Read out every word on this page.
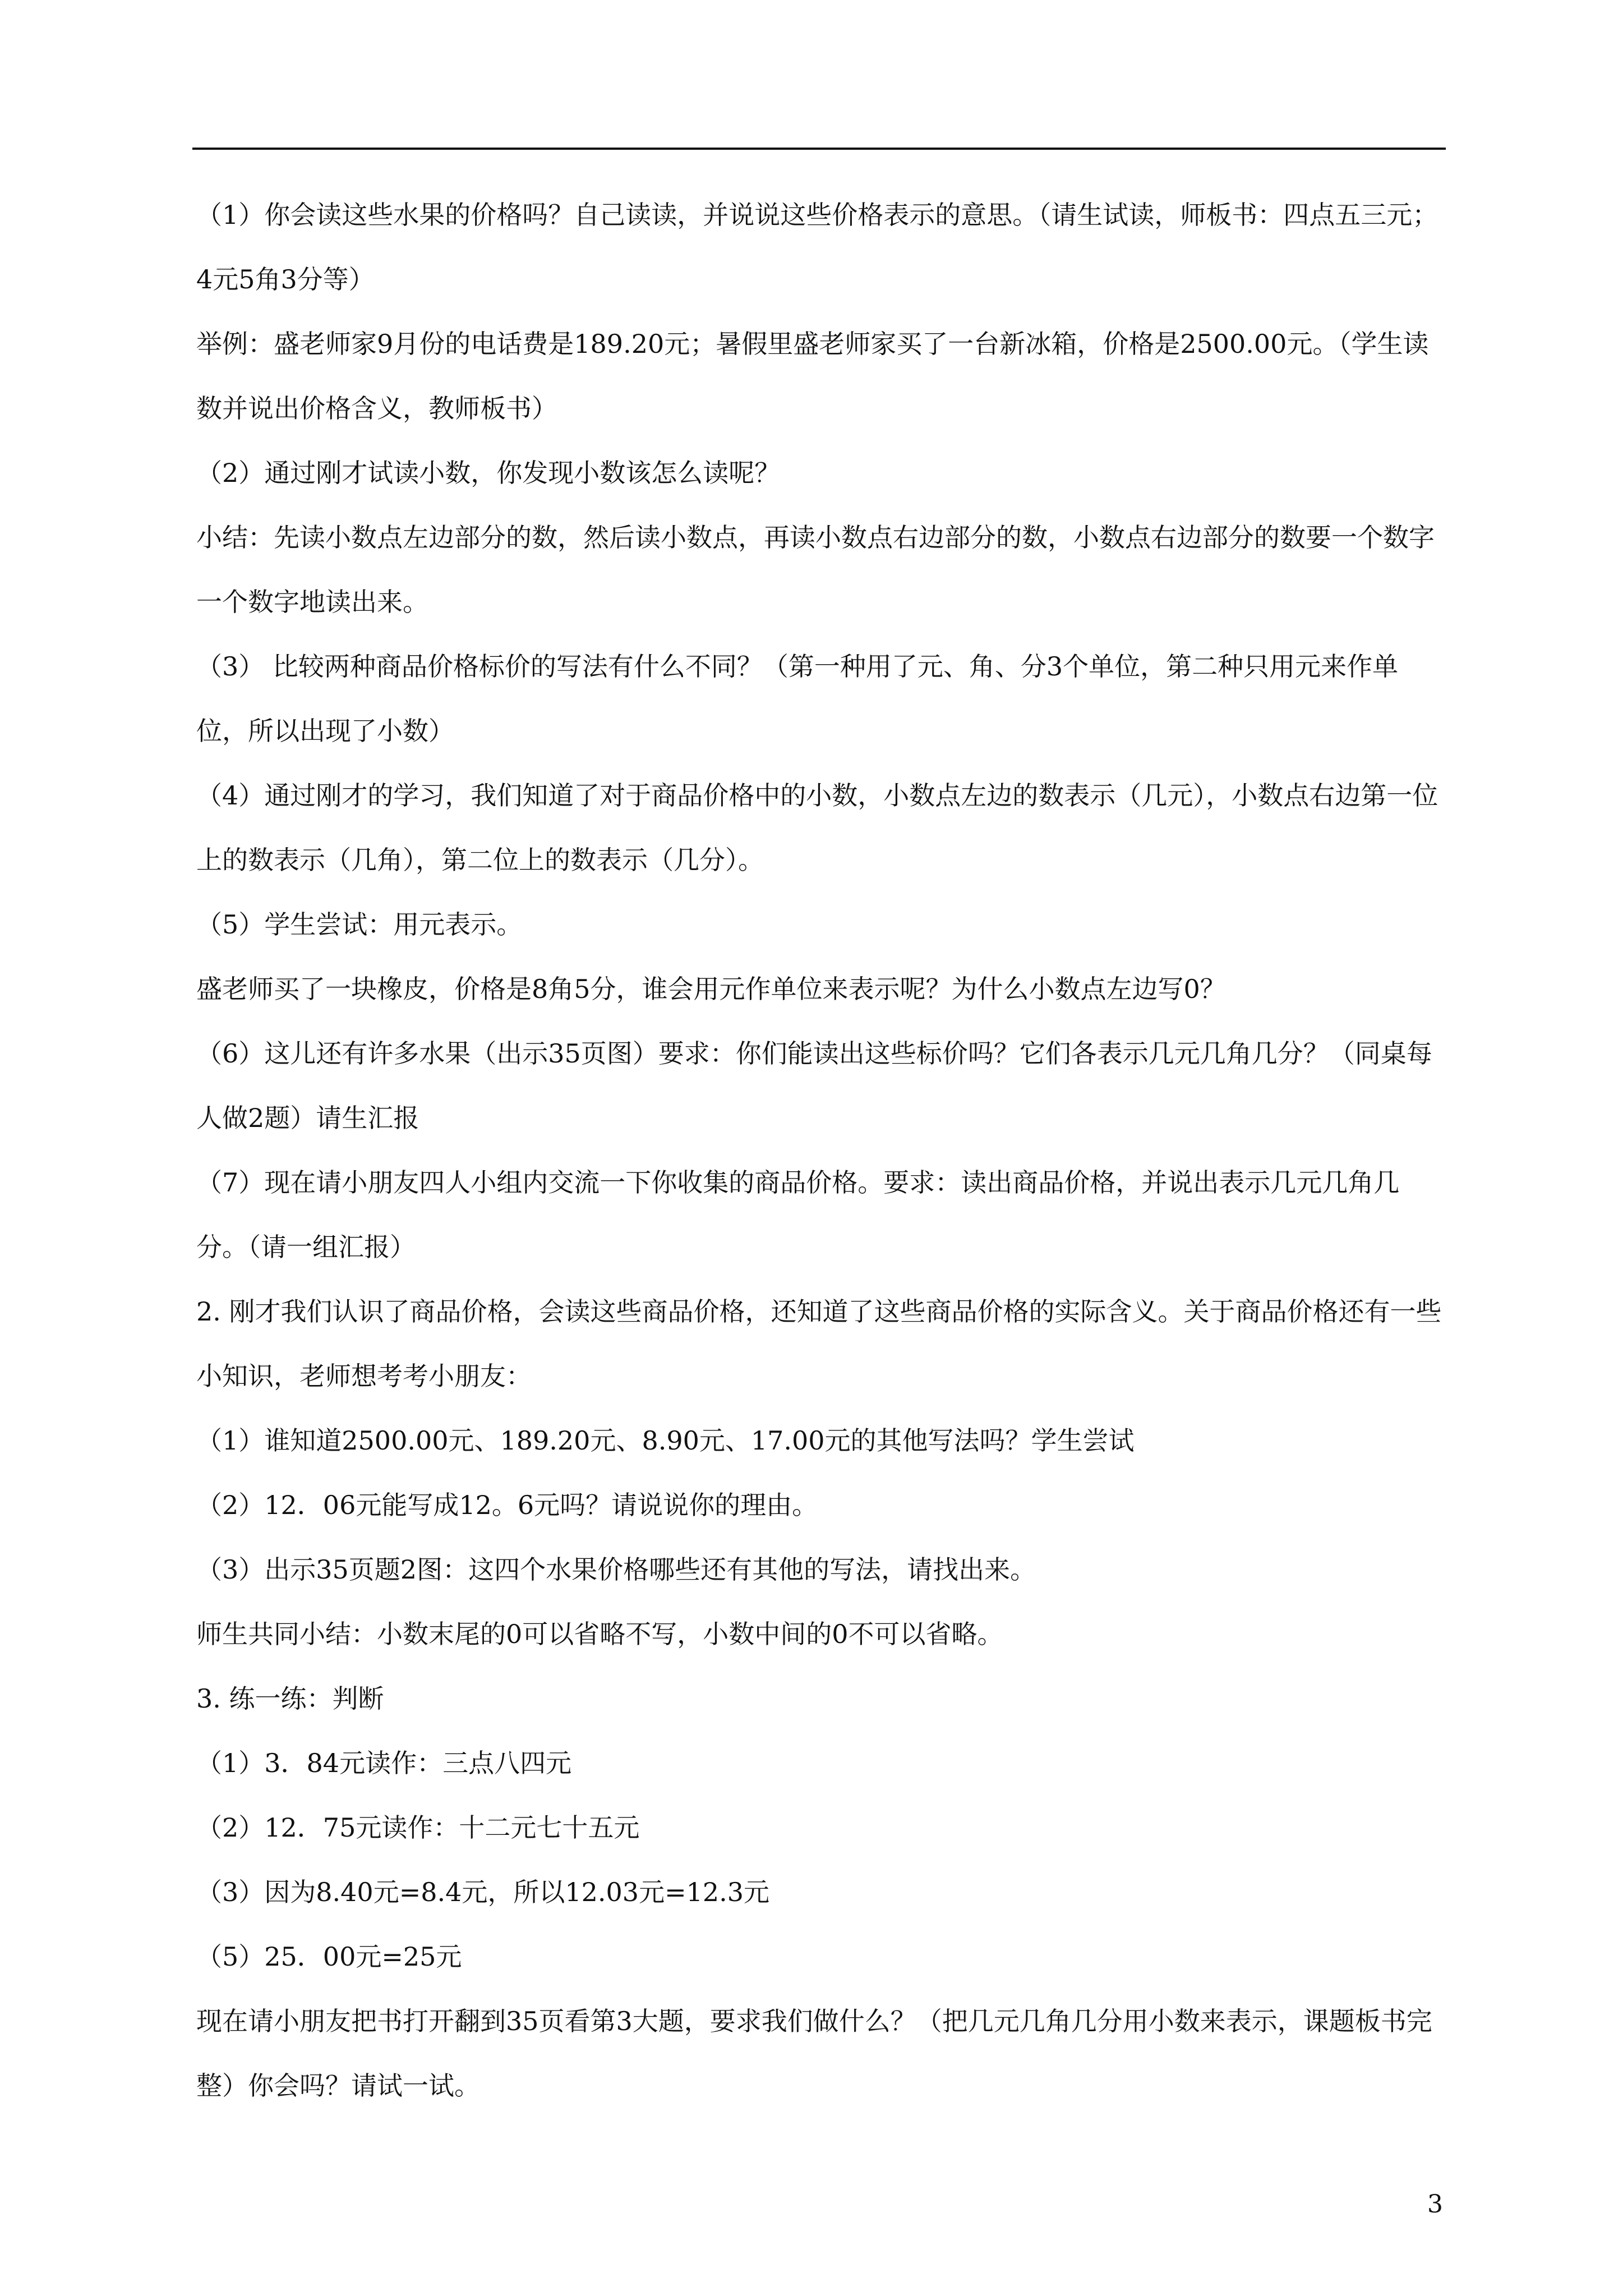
（1）你会读这些水果的价格吗？自己读读，并说说这些价格表示的意思。（请生试读，师板书：四点五三元；4元5角3分等）

举例：盛老师家9月份的电话费是189.20元；暑假里盛老师家买了一台新冰箱，价格是2500.00元。（学生读数并说出价格含义，教师板书）

（2）通过刚才试读小数，你发现小数该怎么读呢？

小结：先读小数点左边部分的数，然后读小数点，再读小数点右边部分的数，小数点右边部分的数要一个数字一个数字地读出来。

（3） 比较两种商品价格标价的写法有什么不同？（第一种用了元、角、分3个单位，第二种只用元来作单位，所以出现了小数）

（4）通过刚才的学习，我们知道了对于商品价格中的小数，小数点左边的数表示（几元），小数点右边第一位上的数表示（几角），第二位上的数表示（几分）。

（5）学生尝试：用元表示。

盛老师买了一块橡皮，价格是8角5分，谁会用元作单位来表示呢？为什么小数点左边写0？

（6）这儿还有许多水果（出示35页图）要求：你们能读出这些标价吗？它们各表示几元几角几分？（同桌每人做2题）请生汇报

（7）现在请小朋友四人小组内交流一下你收集的商品价格。要求：读出商品价格，并说出表示几元几角几分。（请一组汇报）

2. 刚才我们认识了商品价格，会读这些商品价格，还知道了这些商品价格的实际含义。关于商品价格还有一些小知识，老师想考考小朋友：

（1）谁知道2500.00元、189.20元、8.90元、17.00元的其他写法吗？学生尝试

（2）12．06元能写成12。6元吗？请说说你的理由。

（3）出示35页题2图：这四个水果价格哪些还有其他的写法，请找出来。

师生共同小结：小数末尾的0可以省略不写，小数中间的0不可以省略。

3. 练一练：判断

（1）3．84元读作：三点八四元

（2）12．75元读作：十二元七十五元

（3）因为8.40元=8.4元，所以12.03元=12.3元

（5）25．00元=25元

现在请小朋友把书打开翻到35页看第3大题，要求我们做什么？（把几元几角几分用小数来表示，课题板书完整）你会吗？请试一试。

3
